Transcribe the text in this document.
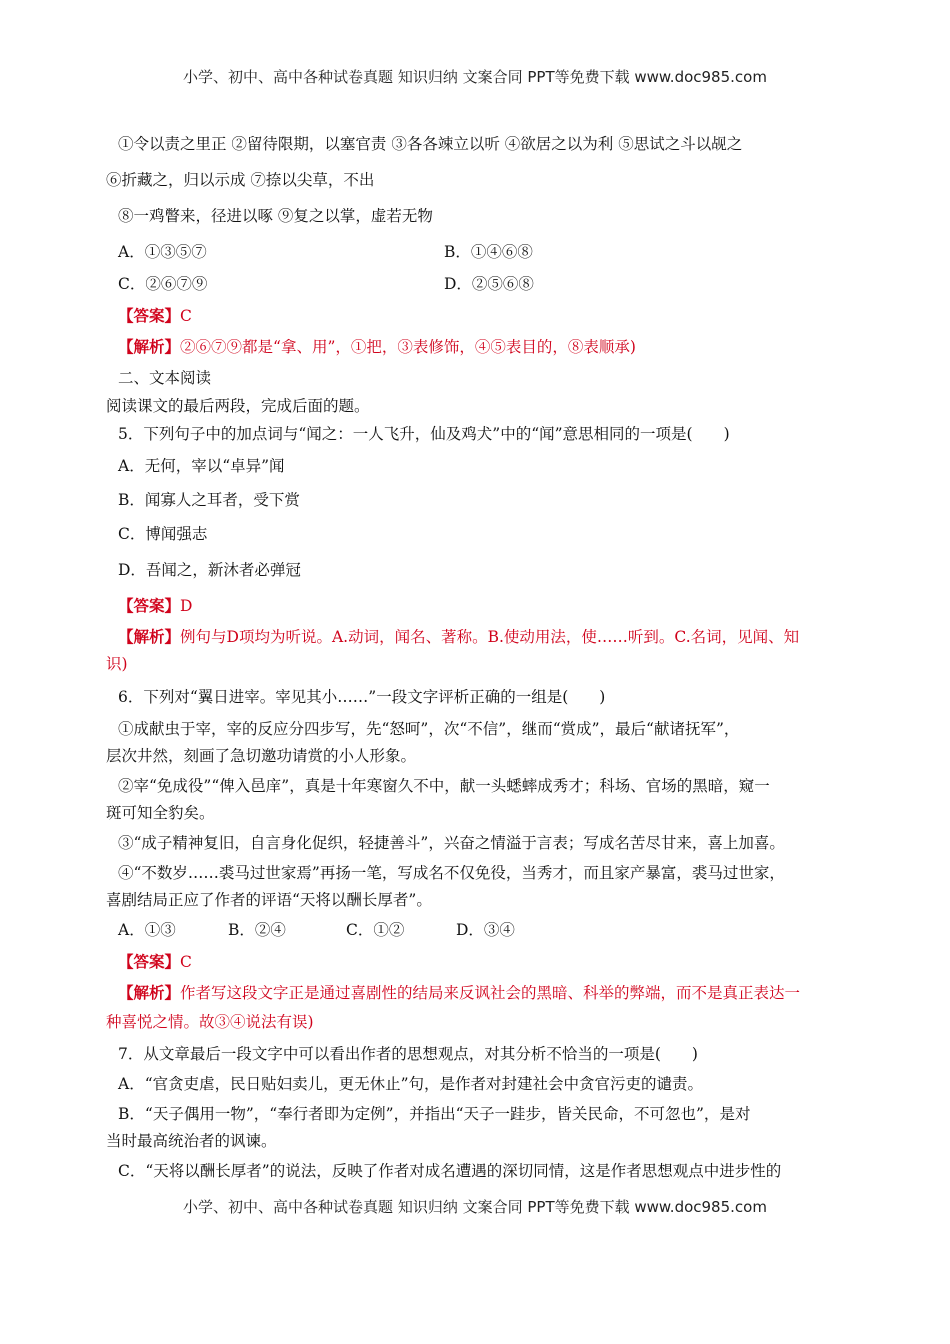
小学、初中、高中各种试卷真题 知识归纳 文案合同 PPT等免费下载 www.doc985.com
①令以责之里正 ②留待限期，以塞官责 ③各各竦立以听 ④欲居之以为利 ⑤思试之斗以觇之
⑥折藏之，归以示成 ⑦捺以尖草，不出
⑧一鸡瞥来，径进以啄 ⑨复之以掌，虚若无物
A．①③⑤⑦	B．①④⑥⑧
C．②⑥⑦⑨	D．②⑤⑥⑧
【答案】C
【解析】②⑥⑦⑨都是“拿、用”，①把，③表修饰，④⑤表目的，⑧表顺承)
二、文本阅读
阅读课文的最后两段，完成后面的题。
5．下列句子中的加点词与“闻之：一人飞升，仙及鸡犬”中的“闻”意思相同的一项是(　　)
A．无何，宰以“卓异”闻
B．闻寡人之耳者，受下赏
C．博闻强志
D．吾闻之，新沐者必弹冠
【答案】D
【解析】例句与D项均为听说。A.动词，闻名、著称。B.使动用法，使……听到。C.名词，见闻、知
识)
6．下列对“翼日进宰。宰见其小……”一段文字评析正确的一组是(　　)
①成献虫于宰，宰的反应分四步写，先“怒呵”，次“不信”，继而“赏成”，最后“献诸抚军”，
层次井然，刻画了急切邀功请赏的小人形象。
②宰“免成役”“俾入邑庠”，真是十年寒窗久不中，献一头蟋蟀成秀才；科场、官场的黑暗，窥一
斑可知全豹矣。
③“成子精神复旧，自言身化促织，轻捷善斗”，兴奋之情溢于言表；写成名苦尽甘来，喜上加喜。
④“不数岁……裘马过世家焉”再扬一笔，写成名不仅免役，当秀才，而且家产暴富，裘马过世家，
喜剧结局正应了作者的评语“天将以酬长厚者”。
A．①③	B．②④	C．①②	D．③④
【答案】C
【解析】作者写这段文字正是通过喜剧性的结局来反讽社会的黑暗、科举的弊端，而不是真正表达一
种喜悦之情。故③④说法有误)
7．从文章最后一段文字中可以看出作者的思想观点，对其分析不恰当的一项是(　　)
A．“官贪吏虐，民日贴妇卖儿，更无休止”句，是作者对封建社会中贪官污吏的谴责。
B．“天子偶用一物”，“奉行者即为定例”，并指出“天子一跬步，皆关民命，不可忽也”，是对
当时最高统治者的讽谏。
C．“天将以酬长厚者”的说法，反映了作者对成名遭遇的深切同情，这是作者思想观点中进步性的
小学、初中、高中各种试卷真题 知识归纳 文案合同 PPT等免费下载 www.doc985.com
